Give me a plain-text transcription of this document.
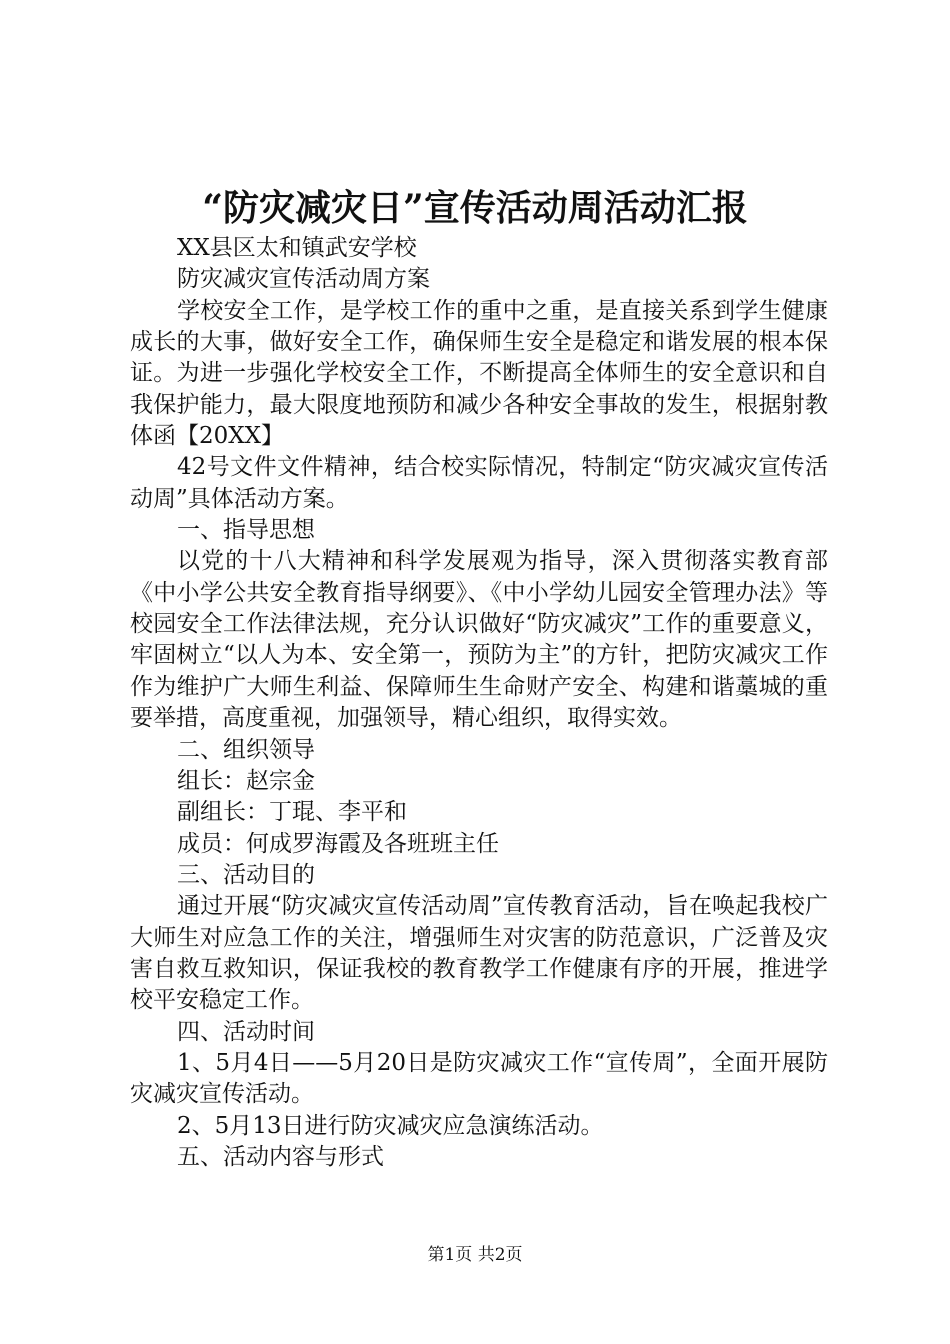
“防灾减灾日”宣传活动周活动汇报

XX县区太和镇武安学校

防灾减灾宣传活动周方案

学校安全工作，是学校工作的重中之重，是直接关系到学生健康成长的大事，做好安全工作，确保师生安全是稳定和谐发展的根本保证。为进一步强化学校安全工作，不断提高全体师生的安全意识和自我保护能力，最大限度地预防和减少各种安全事故的发生，根据射教体函【20XX】

42号文件文件精神，结合校实际情况，特制定“防灾减灾宣传活动周”具体活动方案。

一、指导思想

以党的十八大精神和科学发展观为指导，深入贯彻落实教育部《中小学公共安全教育指导纲要》、《中小学幼儿园安全管理办法》等校园安全工作法律法规，充分认识做好“防灾减灾”工作的重要意义，牢固树立“以人为本、安全第一，预防为主”的方针，把防灾减灾工作作为维护广大师生利益、保障师生生命财产安全、构建和谐藁城的重要举措，高度重视，加强领导，精心组织，取得实效。

二、组织领导

组长：赵宗金

副组长：丁琨、李平和

成员：何成罗海霞及各班班主任

三、活动目的

通过开展“防灾减灾宣传活动周”宣传教育活动，旨在唤起我校广大师生对应急工作的关注，增强师生对灾害的防范意识，广泛普及灾害自救互救知识，保证我校的教育教学工作健康有序的开展，推进学校平安稳定工作。

四、活动时间

1、5月4日——5月20日是防灾减灾工作“宣传周”，全面开展防灾减灾宣传活动。

2、5月13日进行防灾减灾应急演练活动。

五、活动内容与形式

第1页 共2页
